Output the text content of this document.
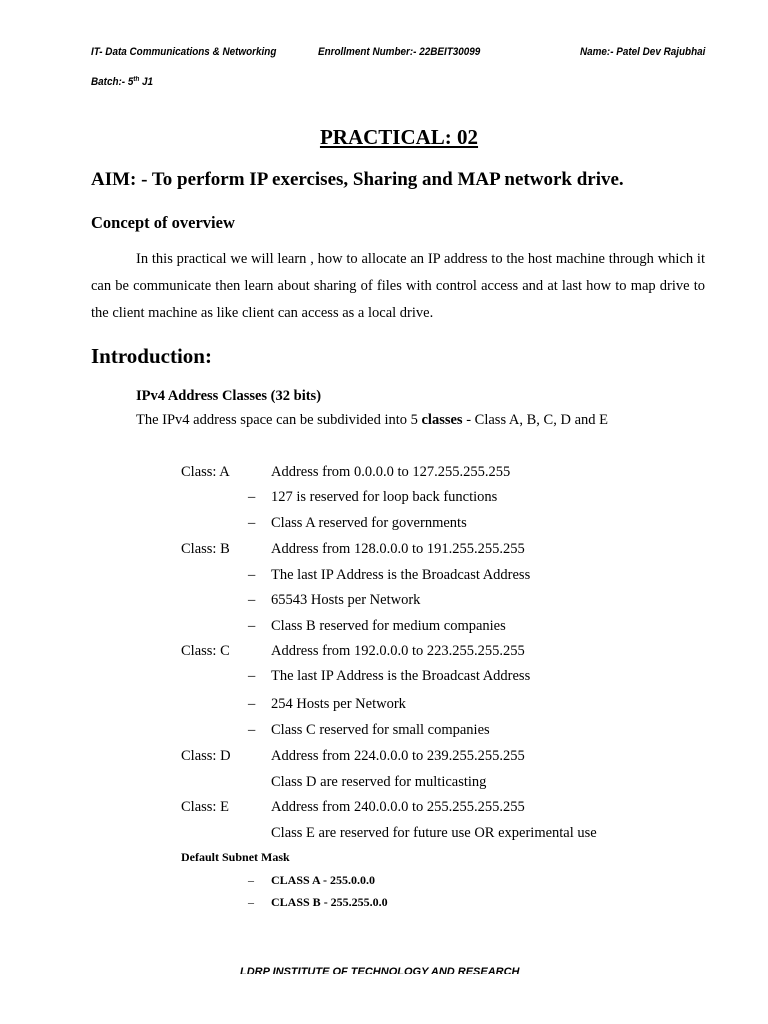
IT- Data Communications & Networking	Enrollment Number:- 22BEIT30099	Name:- Patel Dev Rajubhai
Batch:- 5th J1
PRACTICAL: 02
AIM: - To perform IP exercises, Sharing and MAP network drive.
Concept of overview

In this practical we will learn , how to allocate an IP address to the host machine through which it can be communicate then learn about sharing of files with control access and at last how to map drive to the client machine as like client can access as a local drive.

Introduction:
IPv4 Address Classes (32 bits)
The IPv4 address space can be subdivided into 5 classes - Class A, B, C, D and E
Class: A	Address from 0.0.0.0 to 127.255.255.255
– 127 is reserved for loop back functions
– Class A reserved for governments
Class: B	Address from 128.0.0.0 to 191.255.255.255
– The last IP Address is the Broadcast Address
– 65543 Hosts per Network
– Class B reserved for medium companies
Class: C	Address from 192.0.0.0 to 223.255.255.255
– The last IP Address is the Broadcast Address
– 254 Hosts per Network
– Class C reserved for small companies
Class: D	Address from 224.0.0.0 to 239.255.255.255
Class D are reserved for multicasting
Class: E	Address from 240.0.0.0 to 255.255.255.255
Class E are reserved for future use OR experimental use
Default Subnet Mask
– CLASS A - 255.0.0.0
– CLASS B - 255.255.0.0
LDRP INSTITUTE OF TECHNOLOGY AND RESEARCH
